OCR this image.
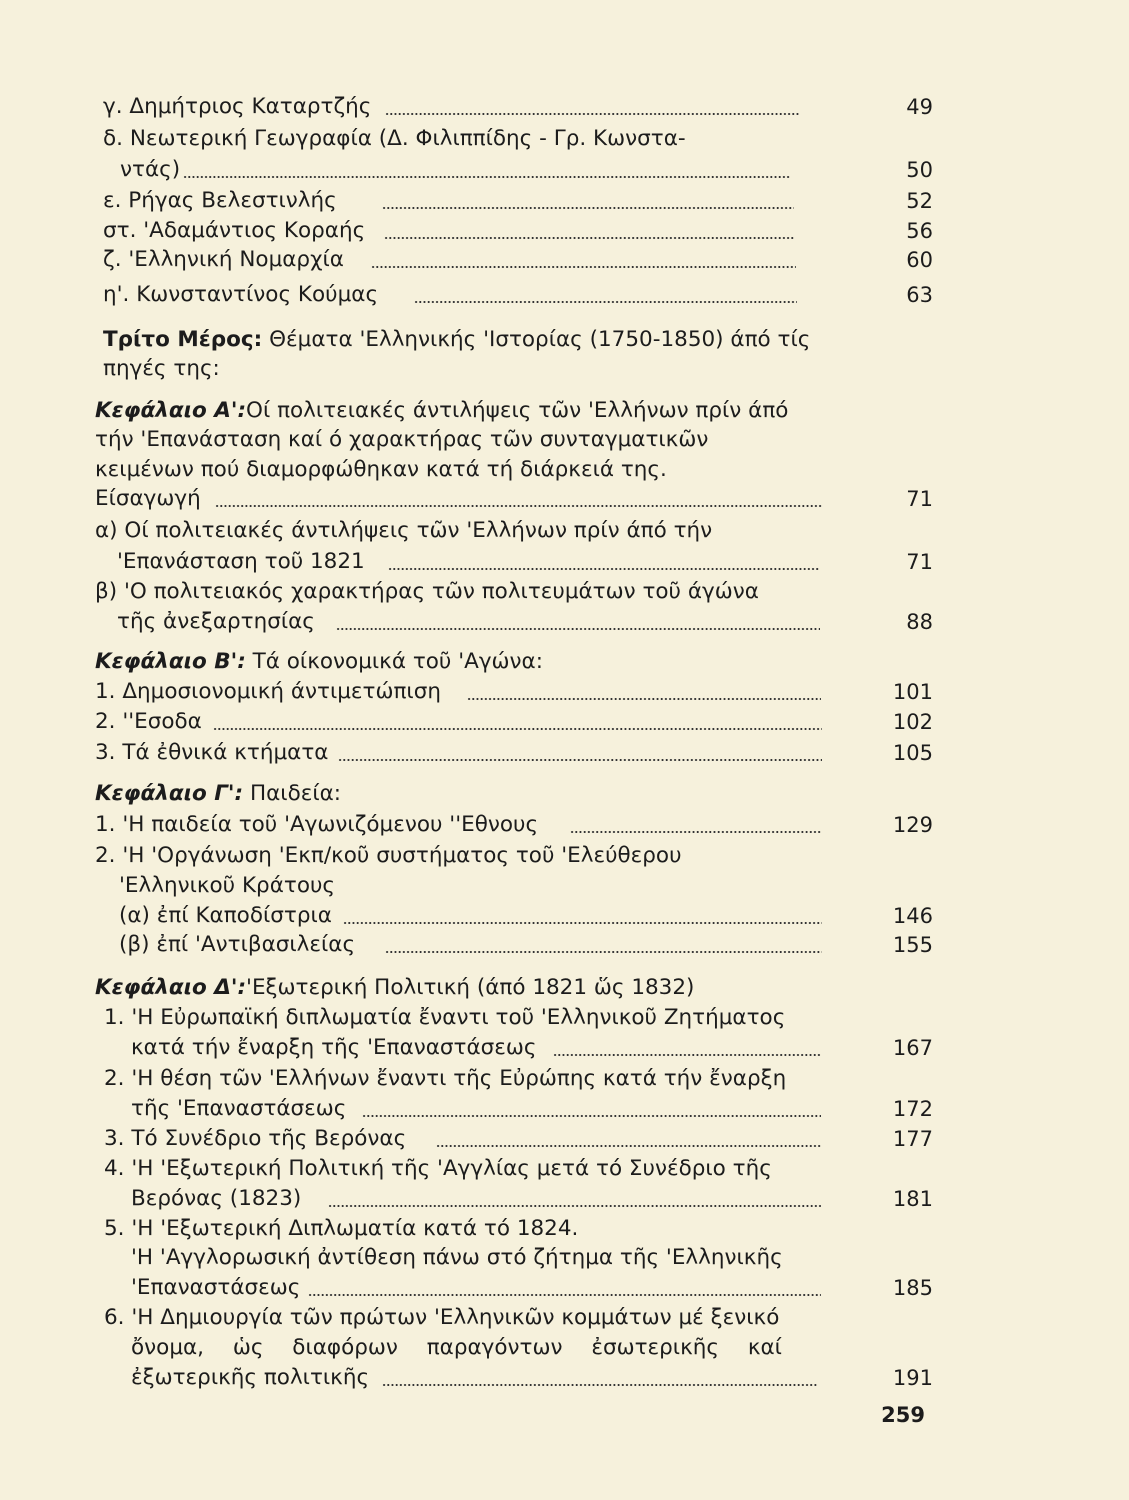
γ. Δημήτριος Καταρτζής	49
δ. Νεωτερική Γεωγραφία (Δ. Φιλιππίδης - Γρ. Κωνστα-
ντάς)	50
ε. Ρήγας Βελεστινλής	52
στ. 'Αδαμάντιος Κοραής	56
ζ. 'Ελληνική Νομαρχία	60
η'. Κωνσταντίνος Κούμας	63
Τρίτο Μέρος: Θέματα 'Ελληνικής 'Ιστορίας (1750-1850) άπό τίς
πηγές της:
Κεφάλαιο Α':Οί πολιτειακές άντιλήψεις τῶν 'Ελλήνων πρίν άπό
τήν 'Επανάσταση καί ό χαρακτήρας τῶν συνταγματικῶν
κειμένων πού διαμορφώθηκαν κατά τή διάρκειά της.
Είσαγωγή	71
α) Οί πολιτειακές άντιλήψεις τῶν 'Ελλήνων πρίν άπό τήν
'Επανάσταση τοῦ 1821	71
β) 'Ο πολιτειακός χαρακτήρας τῶν πολιτευμάτων τοῦ άγώνα
τῆς ἀνεξαρτησίας	88
Κεφάλαιο Β': Τά οίκονομικά τοῦ 'Αγώνα:
1. Δημοσιονομική άντιμετώπιση	101
2. ''Εσοδα	102
3. Τά ἐθνικά κτήματα	105
Κεφάλαιο Γ': Παιδεία:
1. 'Η παιδεία τοῦ 'Αγωνιζόμενου ''Εθνους	129
2. 'Η 'Οργάνωση 'Εκπ/κοῦ συστήματος τοῦ 'Ελεύθερου
'Ελληνικοῦ Κράτους
(α) ἐπί Καποδίστρια	146
(β) ἐπί 'Αντιβασιλείας	155
Κεφάλαιο Δ':'Εξωτερική Πολιτική (άπό 1821 ὥς 1832)
1. 'Η Εὐρωπαϊκή διπλωματία ἔναντι τοῦ 'Ελληνικοῦ Ζητήματος
κατά τήν ἔναρξη τῆς 'Επαναστάσεως	167
2. 'Η θέση τῶν 'Ελλήνων ἔναντι τῆς Εὐρώπης κατά τήν ἔναρξη
τῆς 'Επαναστάσεως	172
3. Τό Συνέδριο τῆς Βερόνας	177
4. 'Η 'Εξωτερική Πολιτική τῆς 'Αγγλίας μετά τό Συνέδριο τῆς
Βερόνας (1823)	181
5. 'Η 'Εξωτερική Διπλωματία κατά τό 1824.
'Η 'Αγγλορωσική ἀντίθεση πάνω στό ζήτημα τῆς 'Ελληνικῆς
'Επαναστάσεως	185
6. 'Η Δημιουργία τῶν πρώτων 'Ελληνικῶν κομμάτων μέ ξενικό
ὄνομα, ὡς διαφόρων παραγόντων ἐσωτερικῆς καί
ἐξωτερικῆς πολιτικῆς	191
259
